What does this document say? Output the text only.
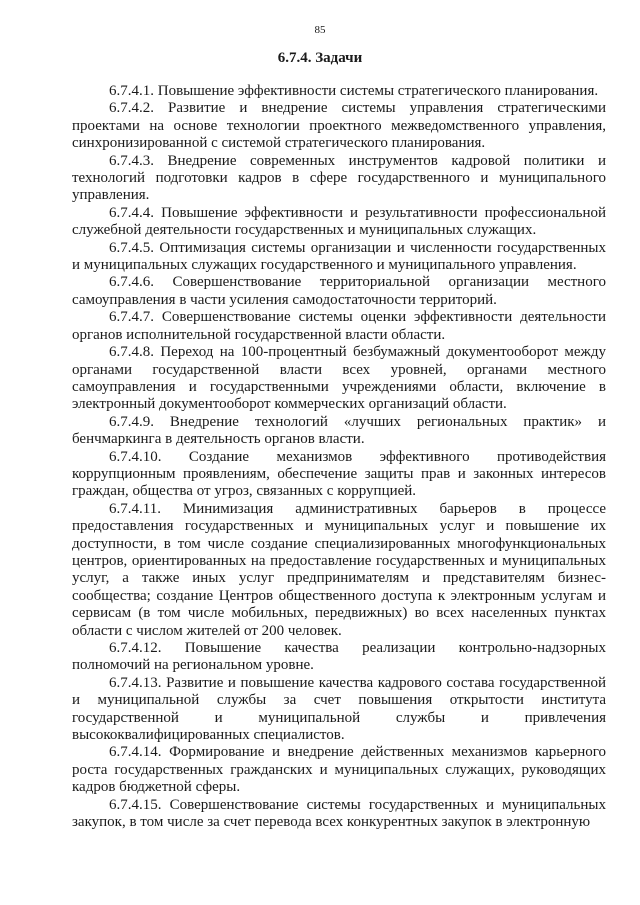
85
6.7.4. Задачи

6.7.4.1. Повышение эффективности системы стратегического планирования.

6.7.4.2. Развитие и внедрение системы управления стратегическими проектами на основе технологии проектного межведомственного управления, синхронизированной с системой стратегического планирования.

6.7.4.3. Внедрение современных инструментов кадровой политики и технологий подготовки кадров в сфере государственного и муниципального управления.

6.7.4.4. Повышение эффективности и результативности профессиональной служебной деятельности государственных и муниципальных служащих.

6.7.4.5. Оптимизация системы организации и численности государственных и муниципальных служащих государственного и муниципального управления.

6.7.4.6. Совершенствование территориальной организации местного самоуправления в части усиления самодостаточности территорий.

6.7.4.7. Совершенствование системы оценки эффективности деятельности органов исполнительной государственной власти области.

6.7.4.8. Переход на 100-процентный безбумажный документооборот между органами государственной власти всех уровней, органами местного самоуправления и государственными учреждениями области, включение в электронный документооборот коммерческих организаций области.

6.7.4.9. Внедрение технологий «лучших региональных практик» и бенчмаркинга в деятельность органов власти.

6.7.4.10. Создание механизмов эффективного противодействия коррупционным проявлениям, обеспечение защиты прав и законных интересов граждан, общества от угроз, связанных с коррупцией.

6.7.4.11. Минимизация административных барьеров в процессе предоставления государственных и муниципальных услуг и повышение их доступности, в том числе создание специализированных многофункциональных центров, ориентированных на предоставление государственных и муниципальных услуг, а также иных услуг предпринимателям и представителям бизнес-сообщества; создание Центров общественного доступа к электронным услугам и сервисам (в том числе мобильных, передвижных) во всех населенных пунктах области с числом жителей от 200 человек.

6.7.4.12. Повышение качества реализации контрольно-надзорных полномочий на региональном уровне.

6.7.4.13. Развитие и повышение качества кадрового состава государственной и муниципальной службы за счет повышения открытости института государственной и муниципальной службы и привлечения высококвалифицированных специалистов.

6.7.4.14. Формирование и внедрение действенных механизмов карьерного роста государственных гражданских и муниципальных служащих, руководящих кадров бюджетной сферы.

6.7.4.15. Совершенствование системы государственных и муниципальных закупок, в том числе за счет перевода всех конкурентных закупок в электронную
